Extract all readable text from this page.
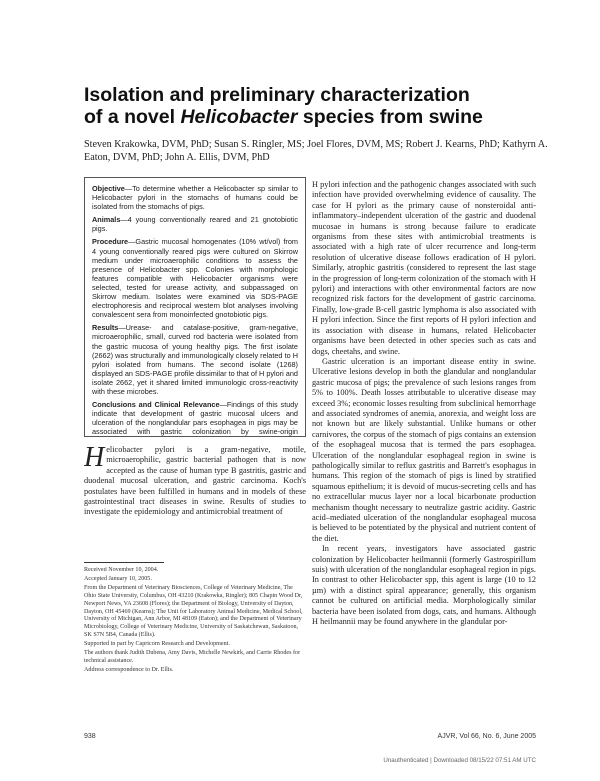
Isolation and preliminary characterization
of a novel Helicobacter species from swine
Steven Krakowka, DVM, PhD; Susan S. Ringler, MS; Joel Flores, DVM, MS; Robert J. Kearns, PhD; Kathyrn A. Eaton, DVM, PhD; John A. Ellis, DVM, PhD

Objective—To determine whether a Helicobacter sp similar to Helicobacter pylori in the stomachs of humans could be isolated from the stomachs of pigs.

Animals—4 young conventionally reared and 21 gnotobiotic pigs.

Procedure—Gastric mucosal homogenates (10% wt/vol) from 4 young conventionally reared pigs were cultured on Skirrow medium under microaerophilic conditions to assess the presence of Helicobacter spp. Colonies with morphologic features compatible with Helicobacter organisms were selected, tested for urease activity, and subpassaged on Skirrow medium. Isolates were examined via SDS-PAGE electrophoresis and reciprocal western blot analyses involving convalescent sera from monoinfected gnotobiotic pigs.

Results—Urease- and catalase-positive, gram-negative, microaerophilic, small, curved rod bacteria were isolated from the gastric mucosa of young healthy pigs. The first isolate (2662) was structurally and immunologically closely related to H pylori isolated from humans. The second isolate (1268) displayed an SDS-PAGE profile dissimilar to that of H pylori and isolate 2662, yet it shared limited immunologic cross-reactivity with these microbes.

Conclusions and Clinical Relevance—Findings of this study indicate that development of gastric mucosal ulcers and ulceration of the nonglandular pars esophagea in pigs may be associated with gastric colonization by swine-origin

Helicobacter pylori is a gram-negative, motile, microaerophilic, gastric bacterial pathogen that is now accepted as the cause of human type B gastritis, gastric and duodenal mucosal ulceration, and gastric carcinoma. Koch's postulates have been fulfilled in humans and in models of these gastrointestinal tract diseases in swine. Results of studies to investigate the epidemiology and antimicrobial treatment of

Received November 10, 2004.

Accepted January 10, 2005.

From the Department of Veterinary Biosciences, College of Veterinary Medicine, The Ohio State University, Columbus, OH 43210 (Krakowka, Ringler); 805 Chapin Wood Dr, Newport News, VA 23608 (Flores); the Department of Biology, University of Dayton, Dayton, OH 45469 (Kearns); The Unit for Laboratory Animal Medicine, Medical School, University of Michigan, Ann Arbor, MI 48109 (Eaton); and the Department of Veterinary Microbiology, College of Veterinary Medicine, University of Saskatchewan, Saskatoon, SK S7N 5B4, Canada (Ellis).

Supported in part by Capricorn Research and Development.

The authors thank Judith Dubena, Amy Davis, Michelle Newkirk, and Carrie Rhodes for technical assistance.

Address correspondence to Dr. Ellis.

H pylori infection and the pathogenic changes associated with such infection have provided overwhelming evidence of causality. The case for H pylori as the primary cause of nonsteroidal anti-inflammatory–independent ulceration of the gastric and duodenal mucosae in humans is strong because failure to eradicate organisms from these sites with antimicrobial treatments is associated with a high rate of ulcer recurrence and long-term resolution of ulcerative disease follows eradication of H pylori. Similarly, atrophic gastritis (considered to represent the last stage in the progression of long-term colonization of the stomach with H pylori) and interactions with other environmental factors are now recognized risk factors for the development of gastric carcinoma. Finally, low-grade B-cell gastric lymphoma is also associated with H pylori infection. Since the first reports of H pylori infection and its association with disease in humans, related Helicobacter organisms have been detected in other species such as cats and dogs, cheetahs, and swine.

Gastric ulceration is an important disease entity in swine. Ulcerative lesions develop in both the glandular and nonglandular gastric mucosa of pigs; the prevalence of such lesions ranges from 5% to 100%. Death losses attributable to ulcerative disease may exceed 3%; economic losses resulting from subclinical hemorrhage and associated syndromes of anemia, anorexia, and weight loss are not known but are likely substantial. Unlike humans or other carnivores, the corpus of the stomach of pigs contains an extension of the esophageal mucosa that is termed the pars esophagea. Ulceration of the nonglandular esophageal region in swine is pathologically similar to reflux gastritis and Barrett's esophagus in humans. This region of the stomach of pigs is lined by stratified squamous epithelium; it is devoid of mucus-secreting cells and has no extracellular mucus layer nor a local bicarbonate production mechanism thought necessary to neutralize gastric acidity. Gastric acid–mediated ulceration of the nonglandular esophageal mucosa is believed to be potentiated by the physical and nutrient content of the diet.

In recent years, investigators have associated gastric colonization by Helicobacter heilmannii (formerly Gastrospirillum suis) with ulceration of the nonglandular esophageal region in pigs. In contrast to other Helicobacter spp, this agent is large (10 to 12 µm) with a distinct spiral appearance; generally, this organism cannot be cultured on artificial media. Morphologically similar bacteria have been isolated from dogs, cats, and humans. Although H heilmannii may be found anywhere in the glandular por-

938	AJVR, Vol 66, No. 6, June 2005
Unauthenticated | Downloaded 08/15/22 07:51 AM UTC
